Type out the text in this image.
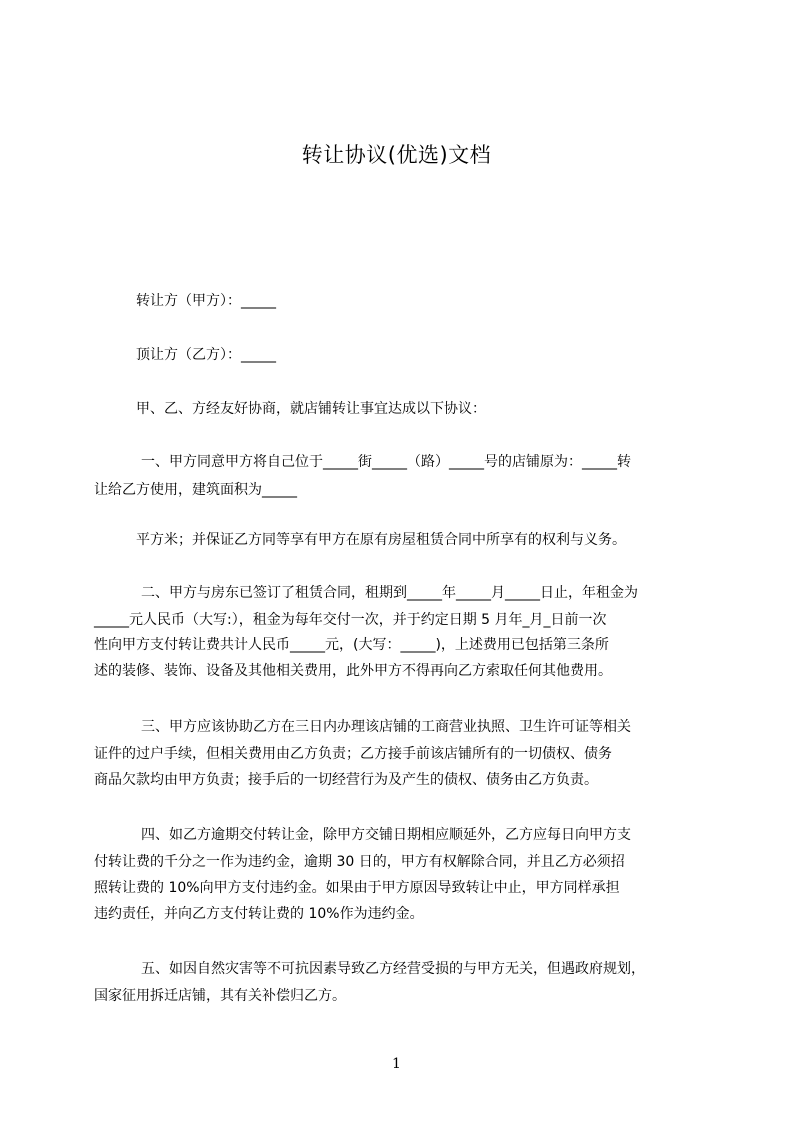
转让协议(优选)文档
转让方（甲方）：_____
顶让方（乙方）：_____
甲、乙、方经友好协商，就店铺转让事宜达成以下协议：
一、甲方同意甲方将自己位于_____街_____（路）_____号的店铺原为：_____转
让给乙方使用，建筑面积为_____
平方米；并保证乙方同等享有甲方在原有房屋租赁合同中所享有的权利与义务。
二、甲方与房东已签订了租赁合同，租期到_____年_____月_____日止，年租金为
_____元人民币（大写:），租金为每年交付一次，并于约定日期 5 月年_月_日前一次
性向甲方支付转让费共计人民币_____元，(大写：_____)，上述费用已包括第三条所
述的装修、装饰、设备及其他相关费用，此外甲方不得再向乙方索取任何其他费用。
三、甲方应该协助乙方在三日内办理该店铺的工商营业执照、卫生许可证等相关
证件的过户手续，但相关费用由乙方负责；乙方接手前该店铺所有的一切债权、债务
商品欠款均由甲方负责；接手后的一切经营行为及产生的债权、债务由乙方负责。
四、如乙方逾期交付转让金，除甲方交铺日期相应顺延外，乙方应每日向甲方支
付转让费的千分之一作为违约金，逾期 30 日的，甲方有权解除合同，并且乙方必须招
照转让费的 10%向甲方支付违约金。如果由于甲方原因导致转让中止，甲方同样承担
违约责任，并向乙方支付转让费的 10%作为违约金。
五、如因自然灾害等不可抗因素导致乙方经营受损的与甲方无关，但遇政府规划，
国家征用拆迁店铺，其有关补偿归乙方。
1
